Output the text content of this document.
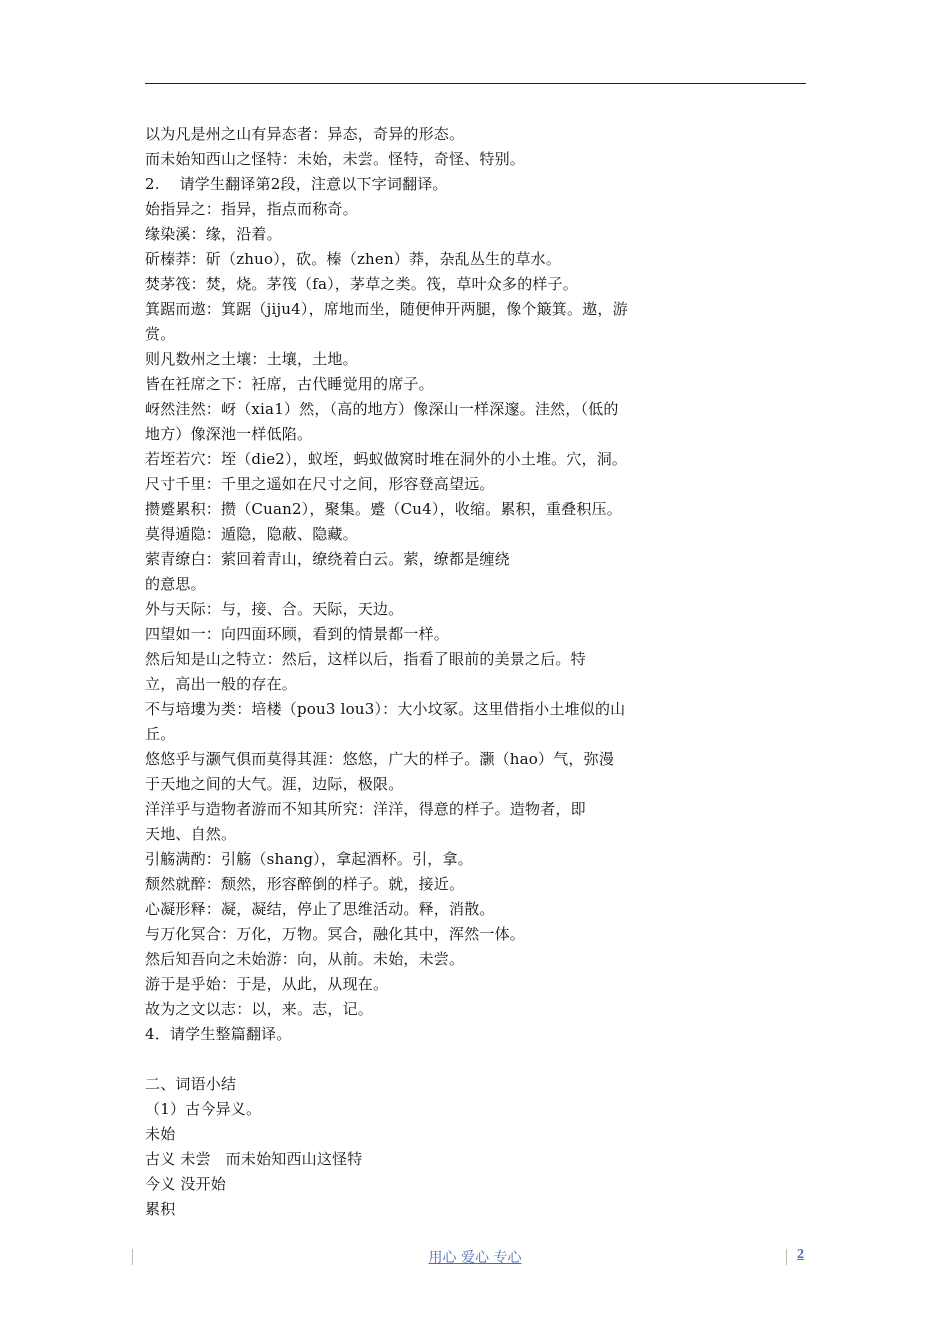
以为凡是州之山有异态者：异态，奇异的形态。
而未始知西山之怪特：未始，未尝。怪特，奇怪、特别。
2.    请学生翻译第2段，注意以下字词翻译。
始指异之：指异，指点而称奇。
缘染溪：缘，沿着。
斫榛莽：斫（zhuo），砍。榛（zhen）莽，杂乱丛生的草水。
焚茅筏：焚，烧。茅筏（fa），茅草之类。筏，草叶众多的样子。
箕踞而遨：箕踞（jiju4），席地而坐，随便伸开两腿，像个簸箕。遨，游
赏。
则凡数州之土壤：土壤，土地。
皆在衽席之下：衽席，古代睡觉用的席子。
岈然洼然：岈（xia1）然，（高的地方）像深山一样深邃。洼然，（低的
地方）像深池一样低陷。
若垤若穴：垤（die2），蚁垤，蚂蚁做窝时堆在洞外的小土堆。穴，洞。
尺寸千里：千里之遥如在尺寸之间，形容登高望远。
攒蹙累积：攒（Cuan2），聚集。蹙（Cu4），收缩。累积，重叠积压。
莫得遁隐：遁隐，隐蔽、隐藏。
萦青缭白：萦回着青山，缭绕着白云。萦，缭都是缠绕
的意思。
外与天际：与，接、合。天际，天边。
四望如一：向四面环顾，看到的情景都一样。
然后知是山之特立：然后，这样以后，指看了眼前的美景之后。特
立，高出一般的存在。
不与培塿为类：培楼（pou3 lou3）：大小坟冢。这里借指小土堆似的山
丘。
悠悠乎与灏气俱而莫得其涯：悠悠，广大的样子。灏（hao）气，弥漫
于天地之间的大气。涯，边际，极限。
洋洋乎与造物者游而不知其所究：洋洋，得意的样子。造物者，即
天地、自然。
引觞满酌：引觞（shang），拿起酒杯。引，拿。
颓然就醉：颓然，形容醉倒的样子。就，接近。
心凝形释：凝，凝结，停止了思维活动。释，消散。
与万化冥合：万化，万物。冥合，融化其中，浑然一体。
然后知吾向之未始游：向，从前。未始，未尝。
游于是乎始：于是，从此，从现在。
故为之文以志：以，来。志，记。
4．请学生整篇翻译。
二、词语小结
（1）古今异义。
未始
古义 未尝   而未始知西山这怪特
今义 没开始
累积
用心 爱心 专心	2
